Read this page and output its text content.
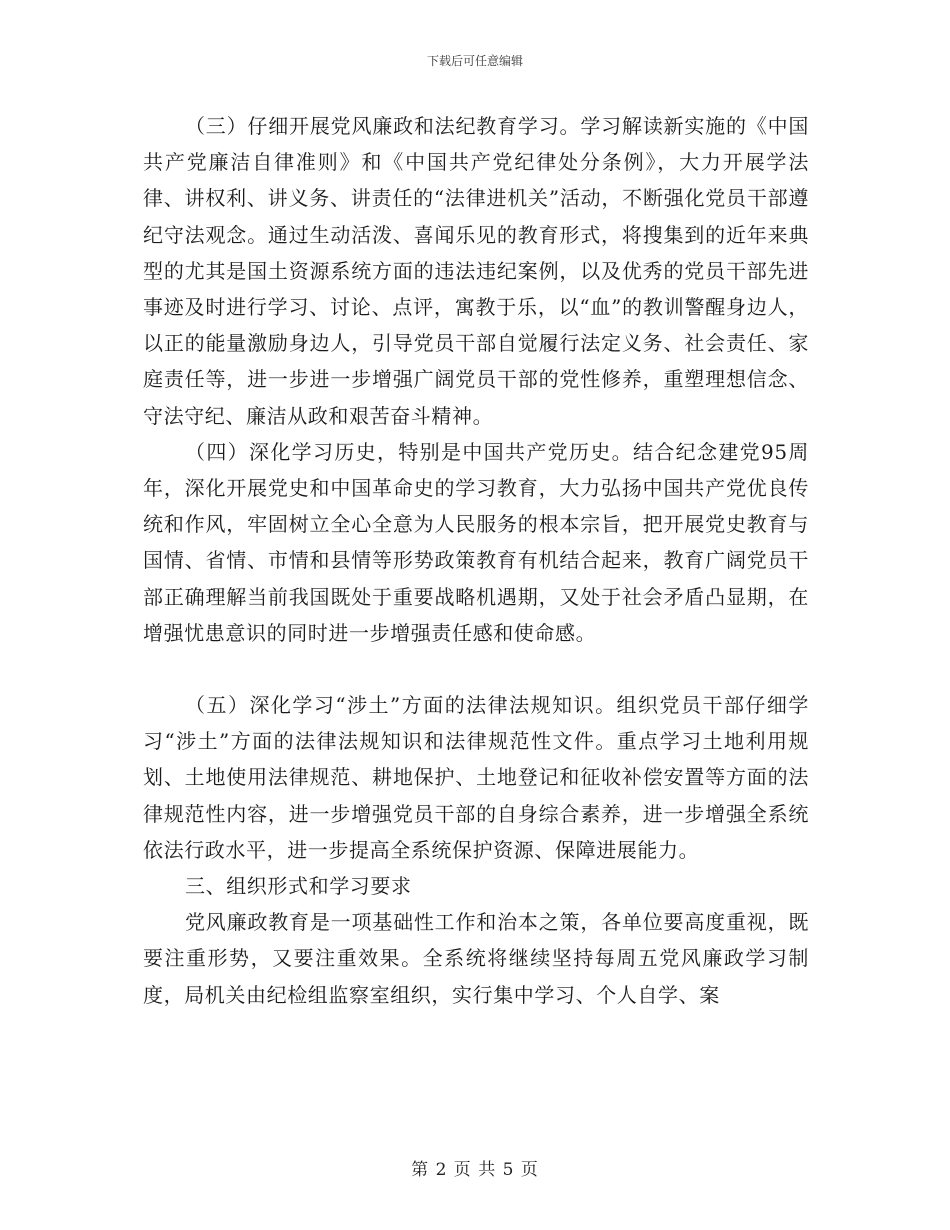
下载后可任意编辑

（三）仔细开展党风廉政和法纪教育学习。学习解读新实施的《中国共产党廉洁自律准则》和《中国共产党纪律处分条例》，大力开展学法律、讲权利、讲义务、讲责任的“法律进机关”活动，不断强化党员干部遵纪守法观念。通过生动活泼、喜闻乐见的教育形式，将搜集到的近年来典型的尤其是国土资源系统方面的违法违纪案例，以及优秀的党员干部先进事迹及时进行学习、讨论、点评，寓教于乐，以“血”的教训警醒身边人，以正的能量激励身边人，引导党员干部自觉履行法定义务、社会责任、家庭责任等，进一步进一步增强广阔党员干部的党性修养，重塑理想信念、守法守纪、廉洁从政和艰苦奋斗精神。

（四）深化学习历史，特别是中国共产党历史。结合纪念建党95周年，深化开展党史和中国革命史的学习教育，大力弘扬中国共产党优良传统和作风，牢固树立全心全意为人民服务的根本宗旨，把开展党史教育与国情、省情、市情和县情等形势政策教育有机结合起来，教育广阔党员干部正确理解当前我国既处于重要战略机遇期，又处于社会矛盾凸显期，在增强忧患意识的同时进一步增强责任感和使命感。

（五）深化学习“涉土”方面的法律法规知识。组织党员干部仔细学习“涉土”方面的法律法规知识和法律规范性文件。重点学习土地利用规划、土地使用法律规范、耕地保护、土地登记和征收补偿安置等方面的法律规范性内容，进一步增强党员干部的自身综合素养，进一步增强全系统依法行政水平，进一步提高全系统保护资源、保障进展能力。

三、组织形式和学习要求

党风廉政教育是一项基础性工作和治本之策，各单位要高度重视，既要注重形势，又要注重效果。全系统将继续坚持每周五党风廉政学习制度，局机关由纪检组监察室组织，实行集中学习、个人自学、案

第 2 页 共 5 页
